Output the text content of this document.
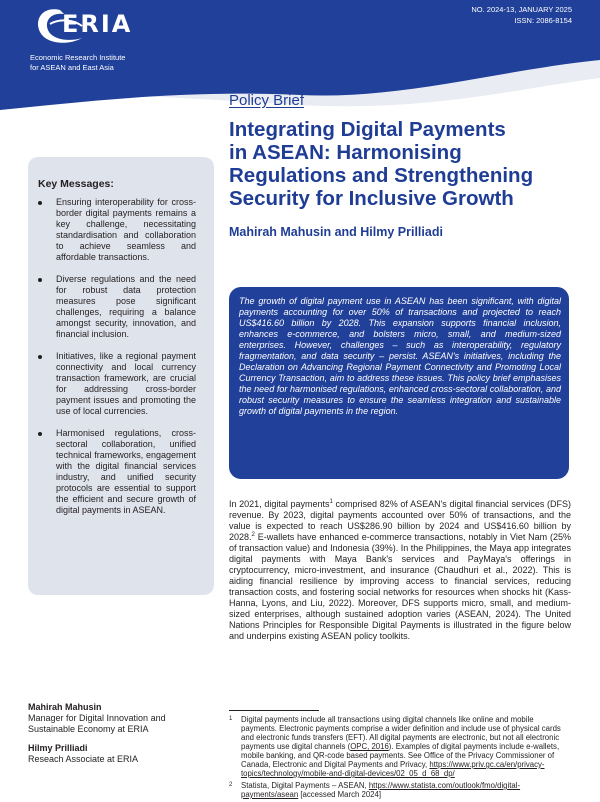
ERIA
Economic Research Institute
for ASEAN and East Asia
NO. 2024-13, JANUARY 2025
ISSN: 2086-8154
Policy Brief
Integrating Digital Payments
in ASEAN: Harmonising
Regulations and Strengthening
Security for Inclusive Growth
Mahirah Mahusin and Hilmy Prilliadi
Key Messages:
Ensuring interoperability for cross-border digital payments remains a key challenge, necessitating standardisation and collaboration to achieve seamless and affordable transactions.
Diverse regulations and the need for robust data protection measures pose significant challenges, requiring a balance amongst security, innovation, and financial inclusion.
Initiatives, like a regional payment connectivity and local currency transaction framework, are crucial for addressing cross-border payment issues and promoting the use of local currencies.
Harmonised regulations, cross-sectoral collaboration, unified technical frameworks, engagement with the digital financial services industry, and unified security protocols are essential to support the efficient and secure growth of digital payments in ASEAN.

The growth of digital payment use in ASEAN has been significant, with digital payments accounting for over 50% of transactions and projected to reach US$416.60 billion by 2028. This expansion supports financial inclusion, enhances e-commerce, and bolsters micro, small, and medium-sized enterprises. However, challenges – such as interoperability, regulatory fragmentation, and data security – persist. ASEAN's initiatives, including the Declaration on Advancing Regional Payment Connectivity and Promoting Local Currency Transaction, aim to address these issues. This policy brief emphasises the need for harmonised regulations, enhanced cross-sectoral collaboration, and robust security measures to ensure the seamless integration and sustainable growth of digital payments in the region.

In 2021, digital payments$^1$ comprised 82% of ASEAN's digital financial services (DFS) revenue. By 2023, digital payments accounted over 50% of transactions, and the value is expected to reach US$286.90 billion by 2024 and US$416.60 billion by 2028.$^2$ E-wallets have enhanced e-commerce transactions, notably in Viet Nam (25% of transaction value) and Indonesia (39%). In the Philippines, the Maya app integrates digital payments with Maya Bank's services and PayMaya's offerings in cryptocurrency, micro-investment, and insurance (Chaudhuri et al., 2022). This is aiding financial resilience by improving access to financial services, reducing transaction costs, and fostering social networks for resources when shocks hit (Kass-Hanna, Lyons, and Liu, 2022). Moreover, DFS supports micro, small, and medium-sized enterprises, although sustained adoption varies (ASEAN, 2024). The United Nations Principles for Responsible Digital Payments is illustrated in the figure below and underpins existing ASEAN policy toolkits.

1 Digital payments include all transactions using digital channels like online and mobile payments. Electronic payments comprise a wider definition and include use of physical cards and electronic funds transfers (EFT). All digital payments are electronic, but not all electronic payments use digital channels (OPC, 2016). Examples of digital payments include e-wallets, mobile banking, and QR-code based payments. See Office of the Privacy Commissioner of Canada, Electronic and Digital Payments and Privacy, https://www.priv.gc.ca/en/privacy-topics/technology/mobile-and-digital-devices/02_05_d_68_dp/
2 Statista, Digital Payments – ASEAN, https://www.statista.com/outlook/fmo/digital-payments/asean [accessed March 2024]
Mahirah Mahusin
Manager for Digital Innovation and Sustainable Economy at ERIA
Hilmy Prilliadi
Reseach Associate at ERIA
